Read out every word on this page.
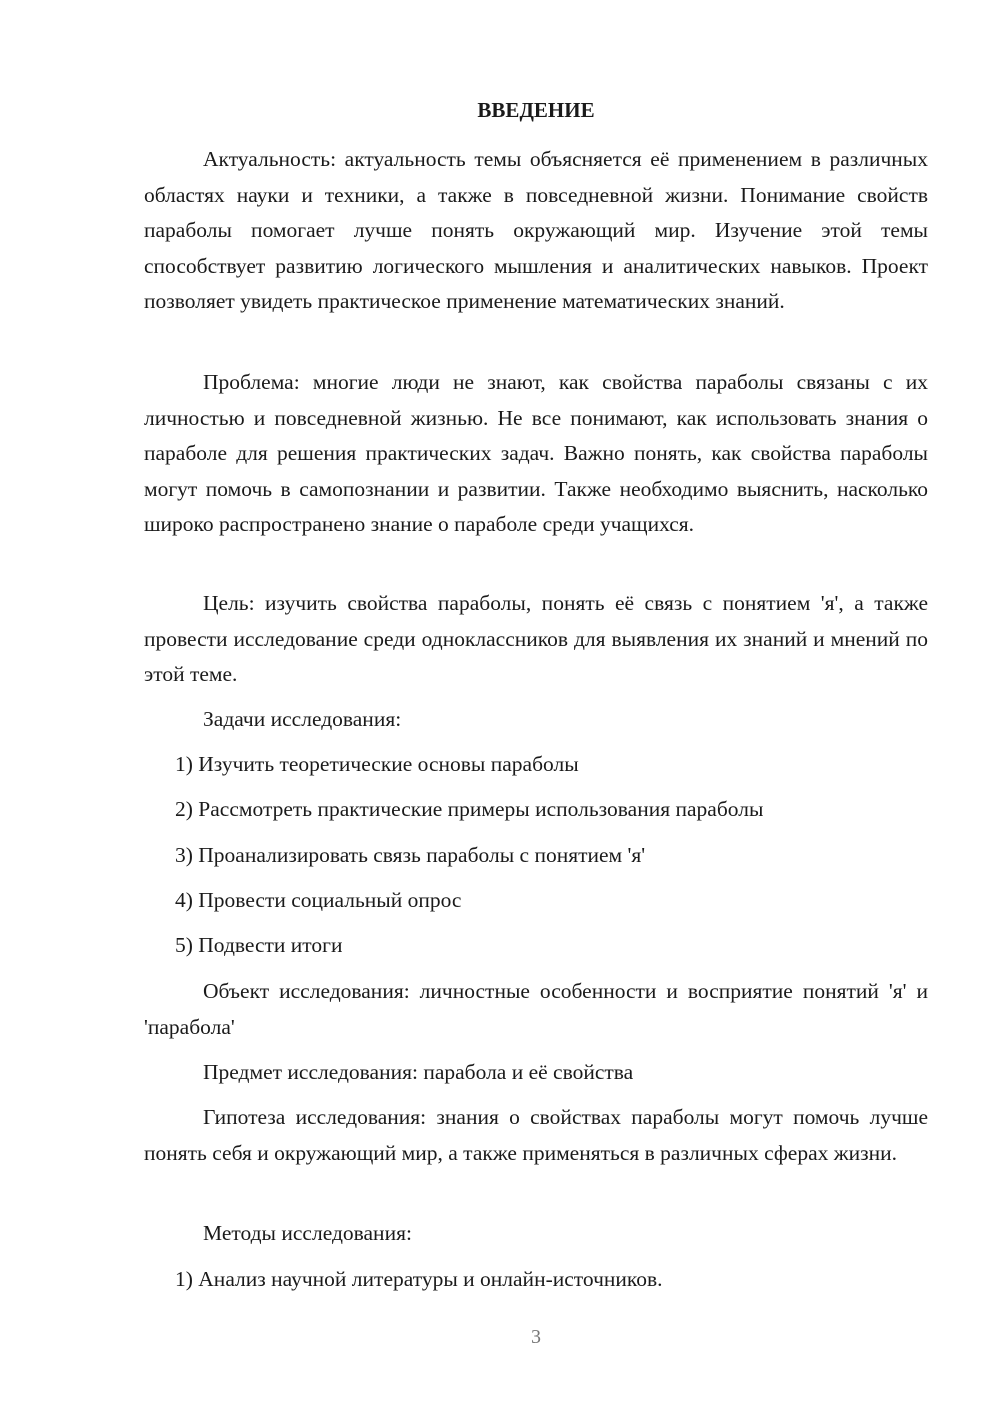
ВВЕДЕНИЕ

Актуальность: актуальность темы объясняется её применением в различных областях науки и техники, а также в повседневной жизни. Понимание свойств параболы помогает лучше понять окружающий мир. Изучение этой темы способствует развитию логического мышления и аналитических навыков. Проект позволяет увидеть практическое применение математических знаний.

Проблема: многие люди не знают, как свойства параболы связаны с их личностью и повседневной жизнью. Не все понимают, как использовать знания о параболе для решения практических задач. Важно понять, как свойства параболы могут помочь в самопознании и развитии. Также необходимо выяснить, насколько широко распространено знание о параболе среди учащихся.

Цель: изучить свойства параболы, понять её связь с понятием 'я', а также провести исследование среди одноклассников для выявления их знаний и мнений по этой теме.

Задачи исследования:

1) Изучить теоретические основы параболы

2) Рассмотреть практические примеры использования параболы

3) Проанализировать связь параболы с понятием 'я'

4) Провести социальный опрос

5) Подвести итоги

Объект исследования: личностные особенности и восприятие понятий 'я' и 'парабола'

Предмет исследования: парабола и её свойства

Гипотеза исследования: знания о свойствах параболы могут помочь лучше понять себя и окружающий мир, а также применяться в различных сферах жизни.

Методы исследования:

1) Анализ научной литературы и онлайн-источников.

3
